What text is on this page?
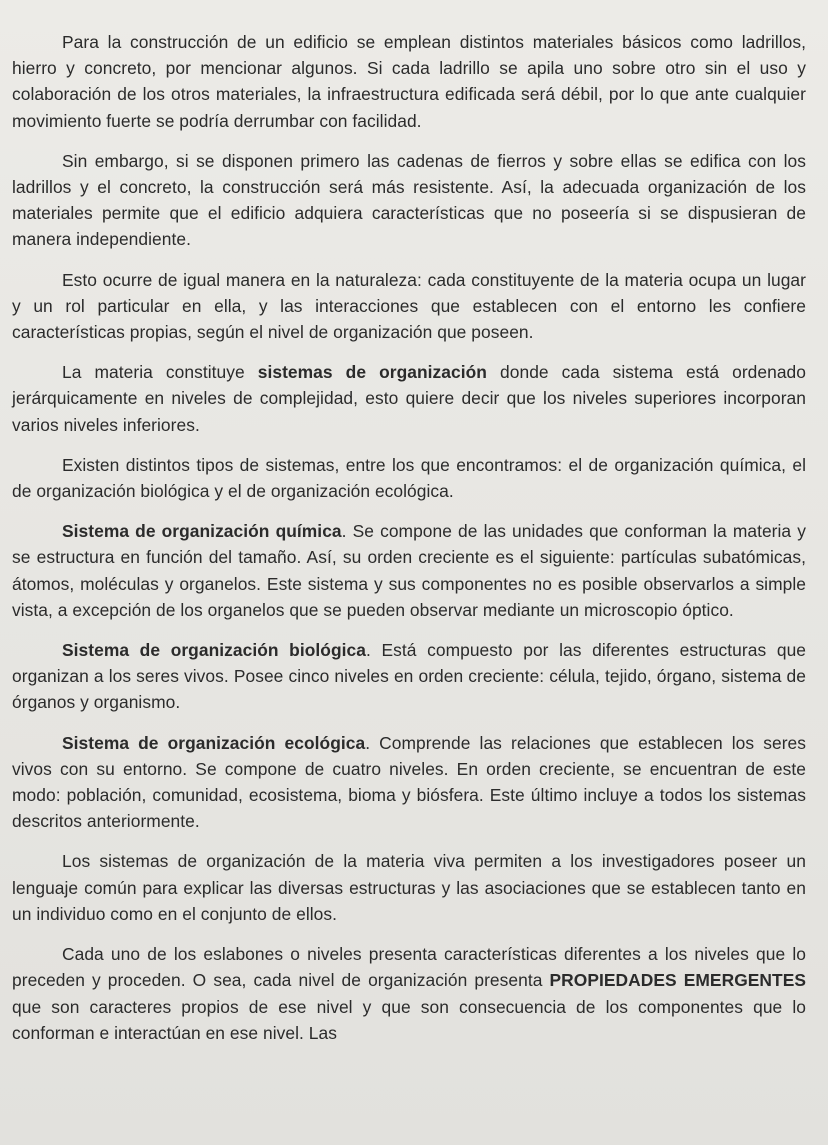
Para la construcción de un edificio se emplean distintos materiales básicos como ladrillos, hierro y concreto, por mencionar algunos. Si cada ladrillo se apila uno sobre otro sin el uso y colaboración de los otros materiales, la infraestructura edificada será débil, por lo que ante cualquier movimiento fuerte se podría derrumbar con facilidad.

Sin embargo, si se disponen primero las cadenas de fierros y sobre ellas se edifica con los ladrillos y el concreto, la construcción será más resistente. Así, la adecuada organización de los materiales permite que el edificio adquiera características que no poseería si se dispusieran de manera independiente.

Esto ocurre de igual manera en la naturaleza: cada constituyente de la materia ocupa un lugar y un rol particular en ella, y las interacciones que establecen con el entorno les confiere características propias, según el nivel de organización que poseen.

La materia constituye sistemas de organización donde cada sistema está ordenado jerárquicamente en niveles de complejidad, esto quiere decir que los niveles superiores incorporan varios niveles inferiores.

Existen distintos tipos de sistemas, entre los que encontramos: el de organización química, el de organización biológica y el de organización ecológica.

Sistema de organización química. Se compone de las unidades que conforman la materia y se estructura en función del tamaño. Así, su orden creciente es el siguiente: partículas subatómicas, átomos, moléculas y organelos. Este sistema y sus componentes no es posible observarlos a simple vista, a excepción de los organelos que se pueden observar mediante un microscopio óptico.

Sistema de organización biológica. Está compuesto por las diferentes estructuras que organizan a los seres vivos. Posee cinco niveles en orden creciente: célula, tejido, órgano, sistema de órganos y organismo.

Sistema de organización ecológica. Comprende las relaciones que establecen los seres vivos con su entorno. Se compone de cuatro niveles. En orden creciente, se encuentran de este modo: población, comunidad, ecosistema, bioma y biósfera. Este último incluye a todos los sistemas descritos anteriormente.

Los sistemas de organización de la materia viva permiten a los investigadores poseer un lenguaje común para explicar las diversas estructuras y las asociaciones que se establecen tanto en un individuo como en el conjunto de ellos.

Cada uno de los eslabones o niveles presenta características diferentes a los niveles que lo preceden y proceden. O sea, cada nivel de organización presenta PROPIEDADES EMERGENTES que son caracteres propios de ese nivel y que son consecuencia de los componentes que lo conforman e interactúan en ese nivel. Las
